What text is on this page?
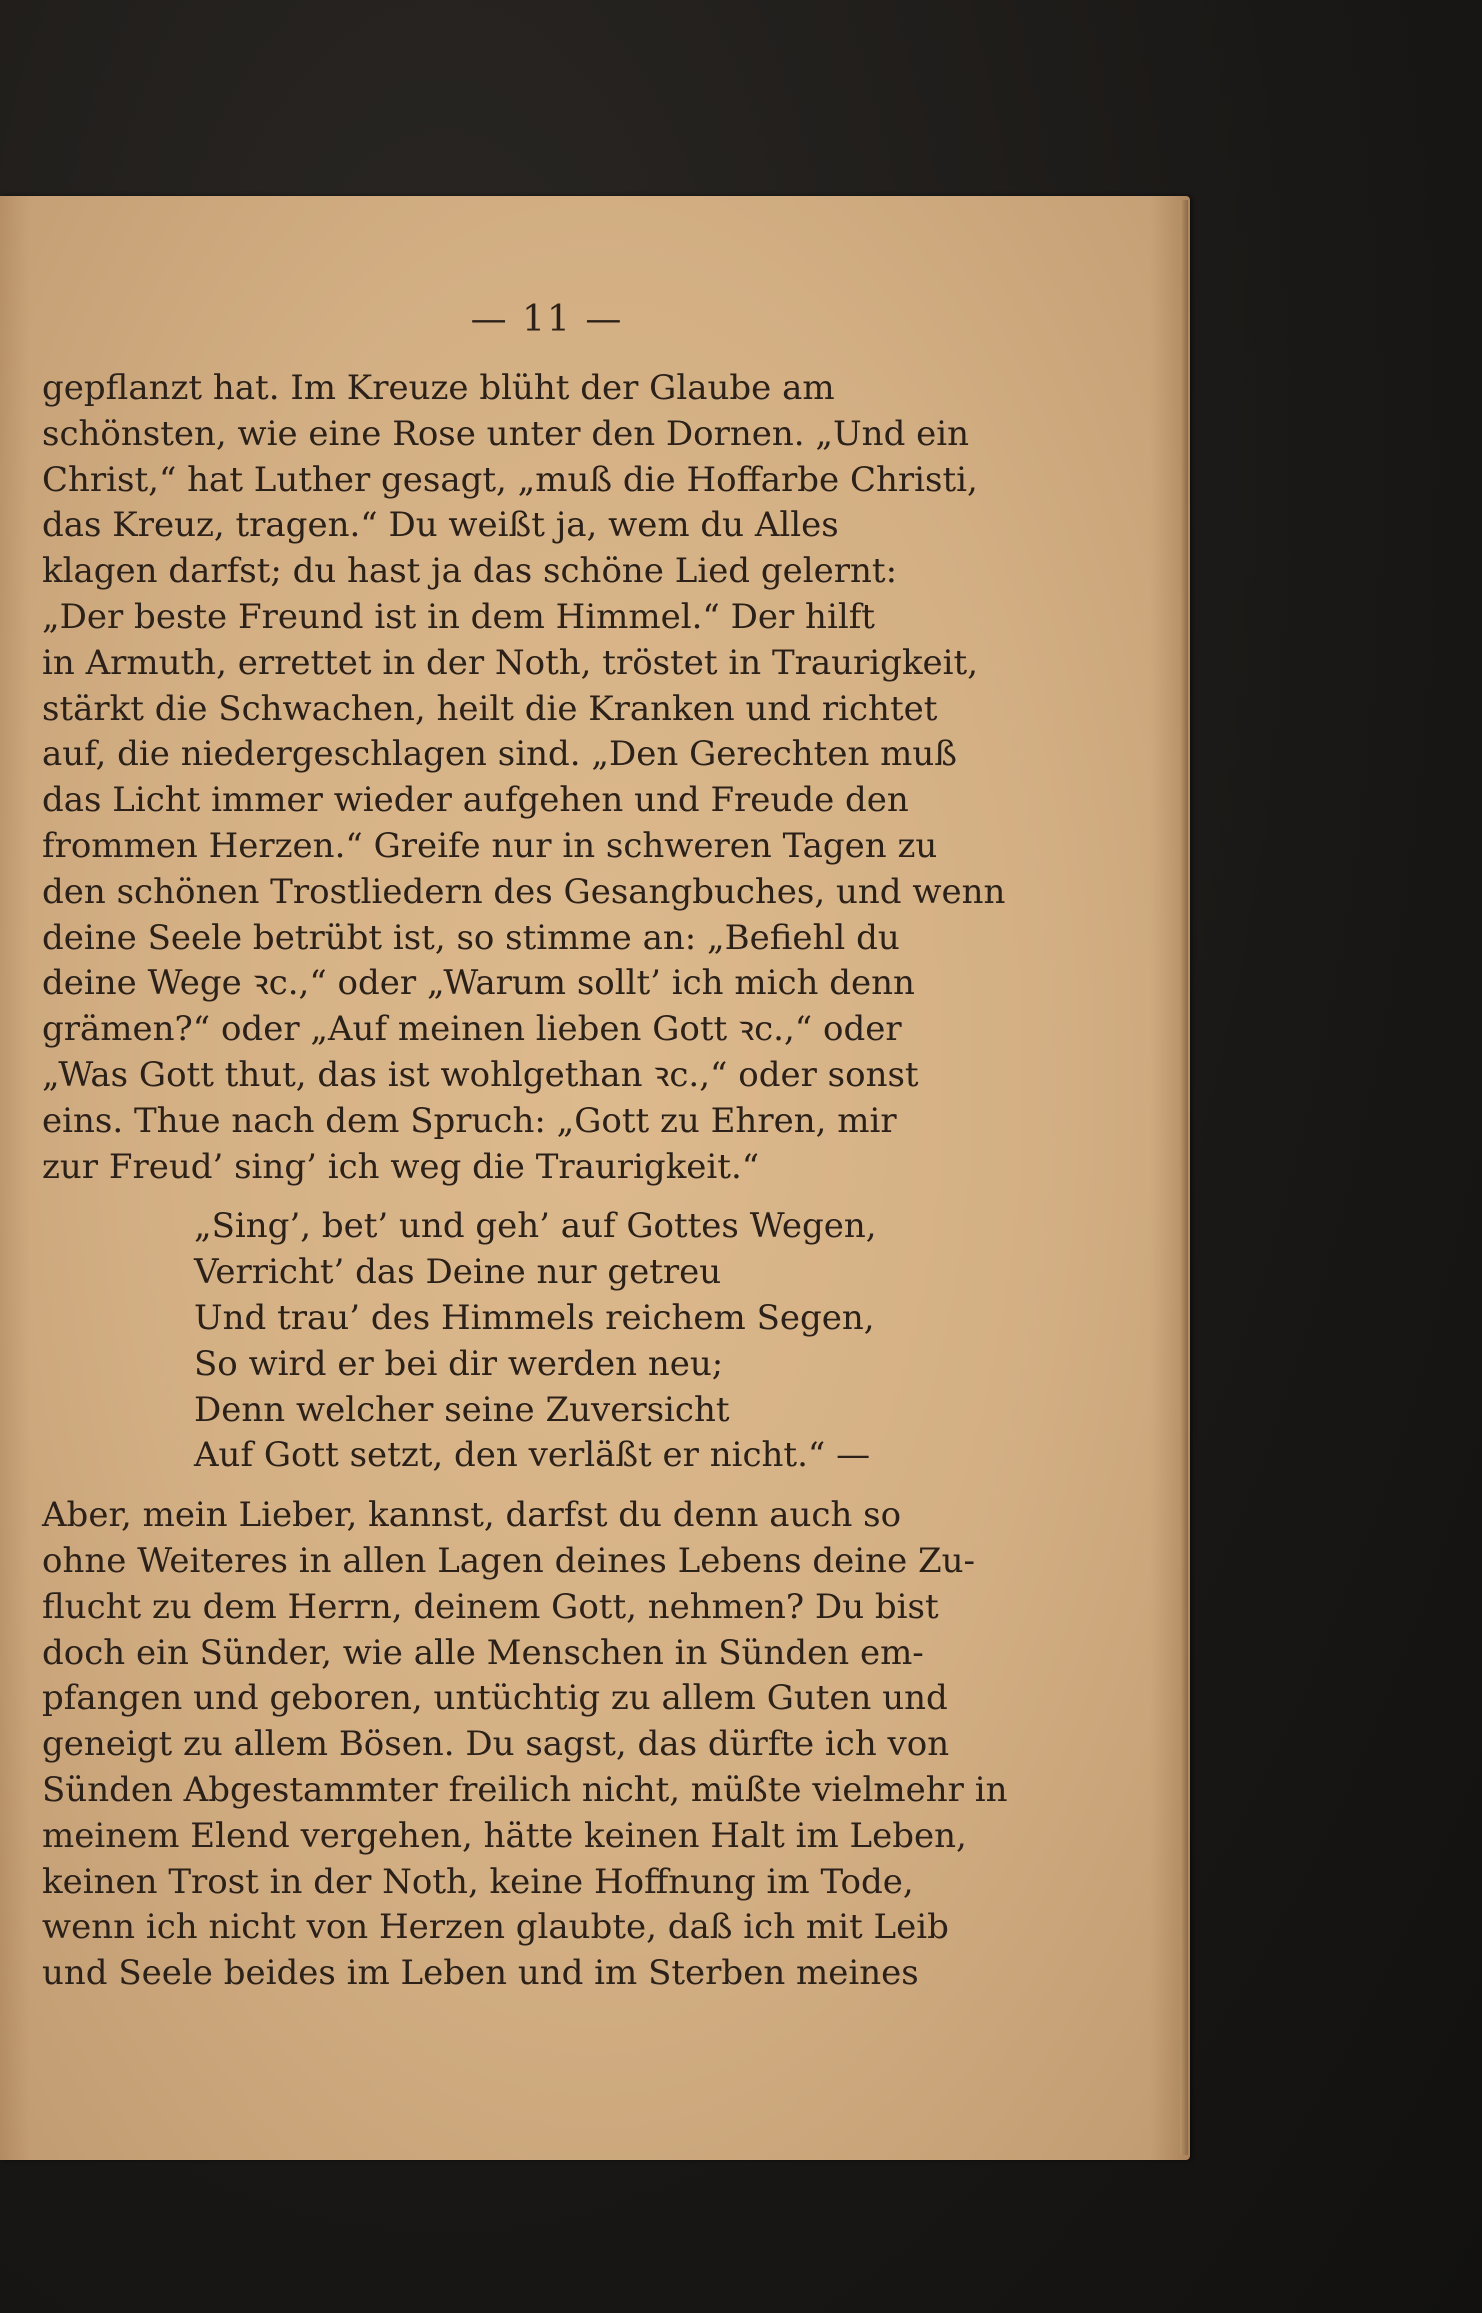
— 11 —

gepflanzt hat. Im Kreuze blüht der Glaube am
schönsten, wie eine Rose unter den Dornen. „Und ein
Christ,“ hat Luther gesagt, „muß die Hoffarbe Christi,
das Kreuz, tragen.“ Du weißt ja, wem du Alles
klagen darfst; du hast ja das schöne Lied gelernt:
„Der beste Freund ist in dem Himmel.“ Der hilft
in Armuth, errettet in der Noth, tröstet in Traurigkeit,
stärkt die Schwachen, heilt die Kranken und richtet
auf, die niedergeschlagen sind. „Den Gerechten muß
das Licht immer wieder aufgehen und Freude den
frommen Herzen.“ Greife nur in schweren Tagen zu
den schönen Trostliedern des Gesangbuches, und wenn
deine Seele betrübt ist, so stimme an: „Befiehl du
deine Wege ꝛc.,“ oder „Warum sollt’ ich mich denn
grämen?“ oder „Auf meinen lieben Gott ꝛc.,“ oder
„Was Gott thut, das ist wohlgethan ꝛc.,“ oder sonst
eins. Thue nach dem Spruch: „Gott zu Ehren, mir
zur Freud’ sing’ ich weg die Traurigkeit.“

„Sing’, bet’ und geh’ auf Gottes Wegen,
Verricht’ das Deine nur getreu
Und trau’ des Himmels reichem Segen,
So wird er bei dir werden neu;
Denn welcher seine Zuversicht
Auf Gott setzt, den verläßt er nicht.“ —

Aber, mein Lieber, kannst, darfst du denn auch so
ohne Weiteres in allen Lagen deines Lebens deine Zu-
flucht zu dem Herrn, deinem Gott, nehmen? Du bist
doch ein Sünder, wie alle Menschen in Sünden em-
pfangen und geboren, untüchtig zu allem Guten und
geneigt zu allem Bösen. Du sagst, das dürfte ich von
Sünden Abgestammter freilich nicht, müßte vielmehr in
meinem Elend vergehen, hätte keinen Halt im Leben,
keinen Trost in der Noth, keine Hoffnung im Tode,
wenn ich nicht von Herzen glaubte, daß ich mit Leib
und Seele beides im Leben und im Sterben meines
